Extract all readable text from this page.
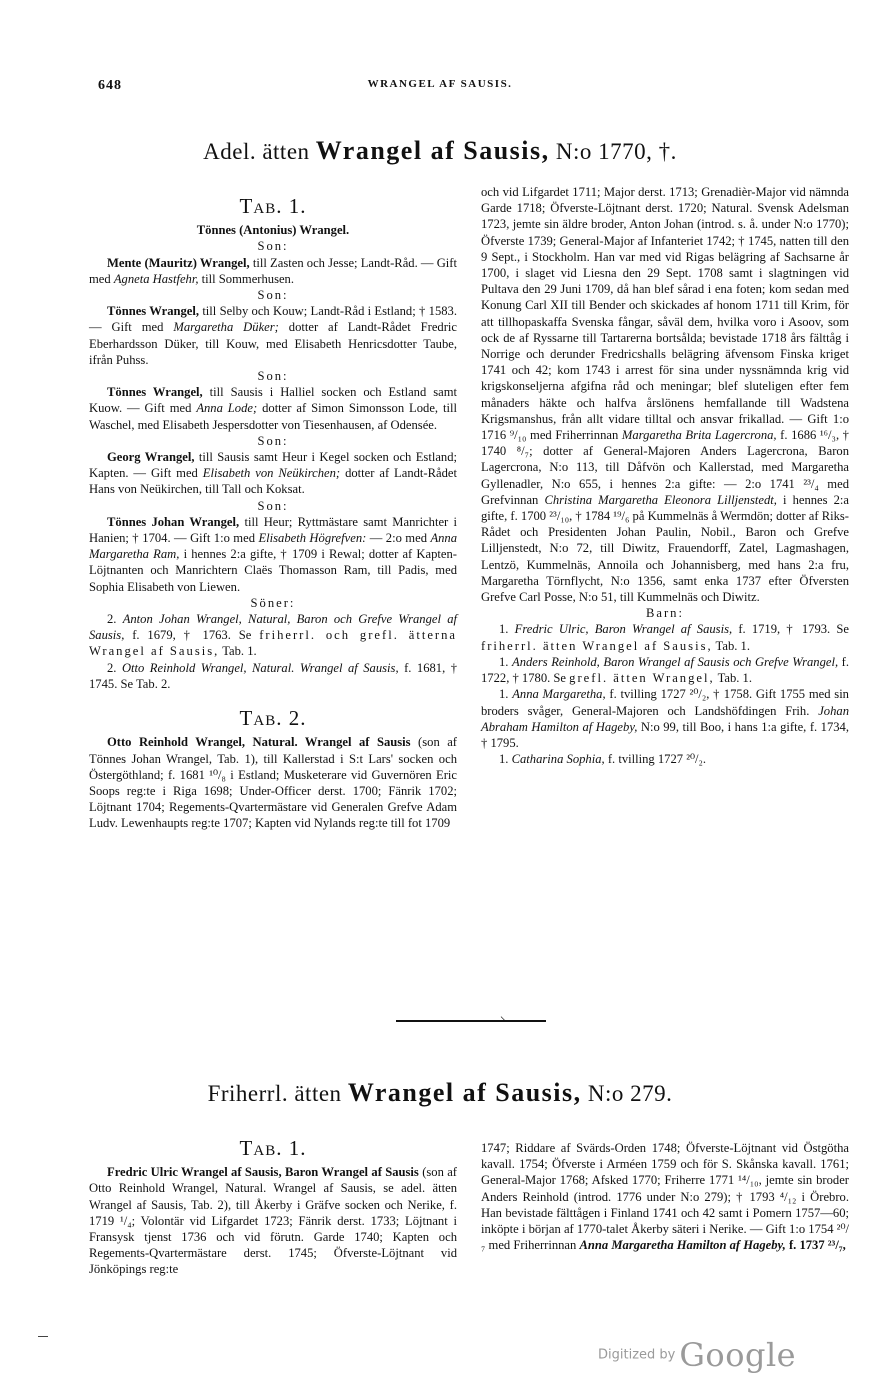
648	WRANGEL AF SAUSIS.
Adel. ätten Wrangel af Sausis, N:o 1770, †.
Tab. 1.

Tönnes (Antonius) Wrangel.

Son:

Mente (Mauritz) Wrangel, till Zasten och Jesse; Landt-Råd. — Gift med Agneta Hastfehr, till Sommerhusen.

Son:

Tönnes Wrangel, till Selby och Kouw; Landt-Råd i Estland; † 1583. — Gift med Margaretha Düker; dotter af Landt-Rådet Fredric Eberhardsson Düker, till Kouw, med Elisabeth Henricsdotter Taube, ifrån Puhss.

Son:

Tönnes Wrangel, till Sausis i Halliel socken och Estland samt Kuow. — Gift med Anna Lode; dotter af Simon Simonsson Lode, till Waschel, med Elisabeth Jespersdotter von Tiesenhausen, af Odensée.

Son:

Georg Wrangel, till Sausis samt Heur i Kegel socken och Estland; Kapten. — Gift med Elisabeth von Neükirchen; dotter af Landt-Rådet Hans von Neükirchen, till Tall och Koksat.

Son:

Tönnes Johan Wrangel, till Heur; Ryttmästare samt Manrichter i Hanien; † 1704. — Gift 1:o med Elisabeth Högrefven: — 2:o med Anna Margaretha Ram, i hennes 2:a gifte, † 1709 i Rewal; dotter af Kapten-Löjtnanten och Manrichtern Claës Thomasson Ram, till Padis, med Sophia Elisabeth von Liewen.

Söner:

2. Anton Johan Wrangel, Natural, Baron och Grefve Wrangel af Sausis, f. 1679, † 1763. Se friherrl. och grefl. ätterna Wrangel af Sausis, Tab. 1.

2. Otto Reinhold Wrangel, Natural. Wrangel af Sausis, f. 1681, † 1745. Se Tab. 2.

Tab. 2.

Otto Reinhold Wrangel, Natural. Wrangel af Sausis (son af Tönnes Johan Wrangel, Tab. 1), till Kallerstad i S:t Lars' socken och Östergöthland; f. 1681 ¹⁰/₈ i Estland; Musketerare vid Guvernören Eric Soops reg:te i Riga 1698; Under-Officer derst. 1700; Fänrik 1702; Löjtnant 1704; Regements-Qvartermästare vid Generalen Grefve Adam Ludv. Lewenhaupts reg:te 1707; Kapten vid Nylands reg:te till fot 1709

och vid Lifgardet 1711; Major derst. 1713; Grenadièr-Major vid nämnda Garde 1718; Öfverste-Löjtnant derst. 1720; Natural. Svensk Adelsman 1723, jemte sin äldre broder, Anton Johan (introd. s. å. under N:o 1770); Öfverste 1739; General-Major af Infanteriet 1742; † 1745, natten till den 9 Sept., i Stockholm. Han var med vid Rigas belägring af Sachsarne år 1700, i slaget vid Liesna den 29 Sept. 1708 samt i slagtningen vid Pultava den 29 Juni 1709, då han blef sårad i ena foten; kom sedan med Konung Carl XII till Bender och skickades af honom 1711 till Krim, för att tillhopaskaffa Svenska fångar, såväl dem, hvilka voro i Asoov, som ock de af Ryssarne till Tartarerna bortsålda; bevistade 1718 års fälttåg i Norrige och derunder Fredricshalls belägring äfvensom Finska kriget 1741 och 42; kom 1743 i arrest för sina under nyssnämnda krig vid krigskonseljerna afgifna råd och meningar; blef sluteligen efter fem månaders häkte och halfva årslönens hemfallande till Wadstena Krigsmanshus, från allt vidare tilltal och ansvar frikallad. — Gift 1:o 1716 ⁹/₁₀ med Friherrinnan Margaretha Brita Lagercrona, f. 1686 ¹⁶/₃, † 1740 ⁸/₇; dotter af General-Majoren Anders Lagercrona, Baron Lagercrona, N:o 113, till Dåfvön och Kallerstad, med Margaretha Gyllenadler, N:o 655, i hennes 2:a gifte: — 2:o 1741 ²³/₄ med Grefvinnan Christina Margaretha Eleonora Lilljenstedt, i hennes 2:a gifte, f. 1700 ²³/₁₀, † 1784 ¹⁹/₆ på Kummelnäs å Wermdön; dotter af Riks-Rådet och Presidenten Johan Paulin, Nobil., Baron och Grefve Lilljenstedt, N:o 72, till Diwitz, Frauendorff, Zatel, Lagmashagen, Lentzö, Kummelnäs, Annoila och Johannisberg, med hans 2:a fru, Margaretha Törnflycht, N:o 1356, samt enka 1737 efter Öfversten Grefve Carl Posse, N:o 51, till Kummelnäs och Diwitz.

Barn:

1. Fredric Ulric, Baron Wrangel af Sausis, f. 1719, † 1793. Se friherrl. ätten Wrangel af Sausis, Tab. 1.

1. Anders Reinhold, Baron Wrangel af Sausis och Grefve Wrangel, f. 1722, † 1780. Se grefl. ätten Wrangel, Tab. 1.

1. Anna Margaretha, f. tvilling 1727 ²⁰/₂, † 1758. Gift 1755 med sin broders svåger, General-Majoren och Landshöfdingen Frih. Johan Abraham Hamilton af Hageby, N:o 99, till Boo, i hans 1:a gifte, f. 1734, † 1795.

1. Catharina Sophia, f. tvilling 1727 ²⁰/₂.

⸌
Friherrl. ätten Wrangel af Sausis, N:o 279.
Tab. 1.

Fredric Ulric Wrangel af Sausis, Baron Wrangel af Sausis (son af Otto Reinhold Wrangel, Natural. Wrangel af Sausis, se adel. ätten Wrangel af Sausis, Tab. 2), till Åkerby i Gräfve socken och Nerike, f. 1719 ¹/₄; Volontär vid Lifgardet 1723; Fänrik derst. 1733; Löjtnant i Fransysk tjenst 1736 och vid förutn. Garde 1740; Kapten och Regements-Qvartermästare derst. 1745; Öfverste-Löjtnant vid Jönköpings reg:te

1747; Riddare af Svärds-Orden 1748; Öfverste-Löjtnant vid Östgötha kavall. 1754; Öfverste i Arméen 1759 och för S. Skånska kavall. 1761; General-Major 1768; Afsked 1770; Friherre 1771 ¹⁴/₁₀, jemte sin broder Anders Reinhold (introd. 1776 under N:o 279); † 1793 ⁴/₁₂ i Örebro. Han bevistade fälttågen i Finland 1741 och 42 samt i Pomern 1757—60; inköpte i början af 1770-talet Åkerby säteri i Nerike. — Gift 1:o 1754 ²⁰/₇ med Friherrinnan Anna Margaretha Hamilton af Hageby, f. 1737 ²³/₇,

Digitized by Google
